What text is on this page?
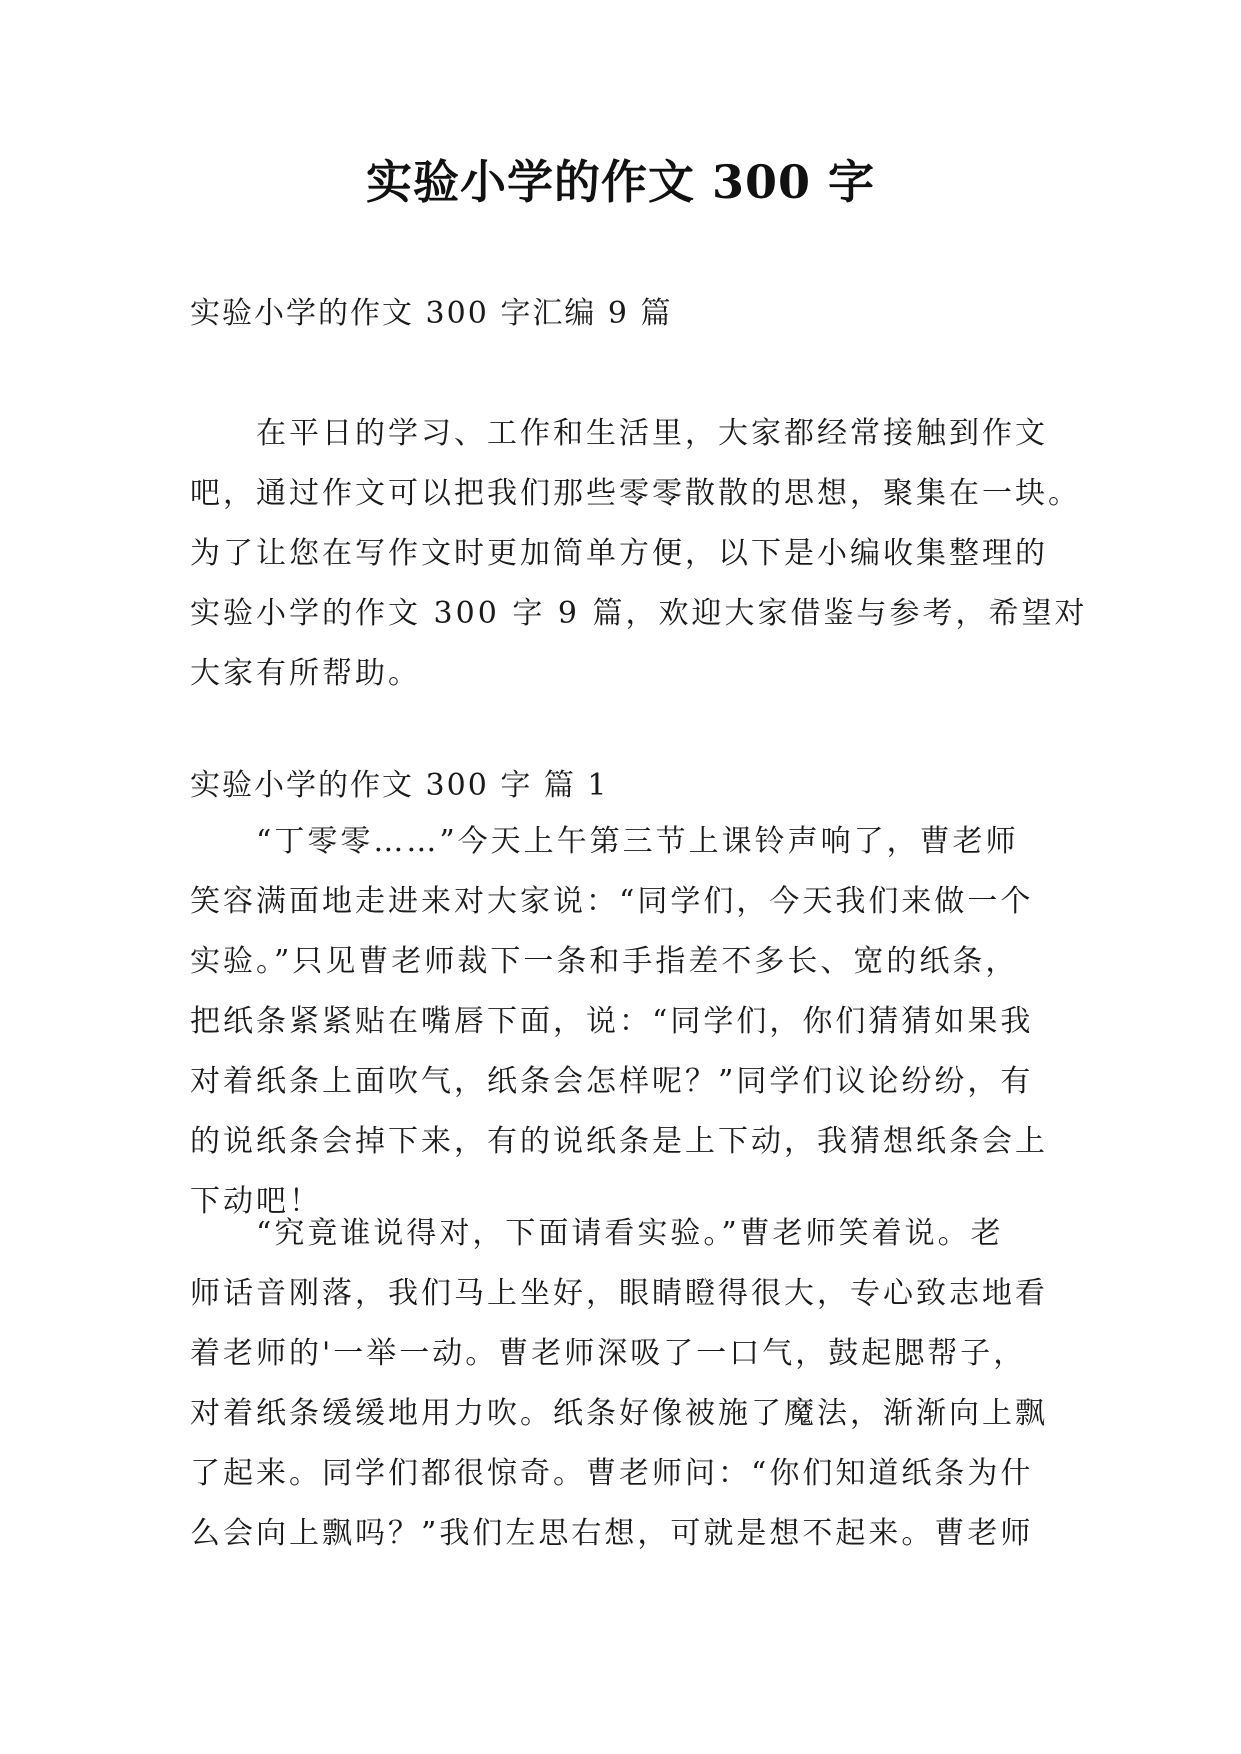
实验小学的作文 300 字
实验小学的作文 300 字汇编 9 篇
在平日的学习、工作和生活里，大家都经常接触到作文
吧，通过作文可以把我们那些零零散散的思想，聚集在一块。
为了让您在写作文时更加简单方便，以下是小编收集整理的
实验小学的作文 300 字 9 篇，欢迎大家借鉴与参考，希望对
大家有所帮助。
实验小学的作文 300 字 篇 1
“丁零零……”今天上午第三节上课铃声响了，曹老师
笑容满面地走进来对大家说：“同学们，今天我们来做一个
实验。”只见曹老师裁下一条和手指差不多长、宽的纸条，
把纸条紧紧贴在嘴唇下面，说：“同学们，你们猜猜如果我
对着纸条上面吹气，纸条会怎样呢？”同学们议论纷纷，有
的说纸条会掉下来，有的说纸条是上下动，我猜想纸条会上
下动吧！
“究竟谁说得对，下面请看实验。”曹老师笑着说。老
师话音刚落，我们马上坐好，眼睛瞪得很大，专心致志地看
着老师的'一举一动。曹老师深吸了一口气，鼓起腮帮子，
对着纸条缓缓地用力吹。纸条好像被施了魔法，渐渐向上飘
了起来。同学们都很惊奇。曹老师问：“你们知道纸条为什
么会向上飘吗？”我们左思右想，可就是想不起来。曹老师
